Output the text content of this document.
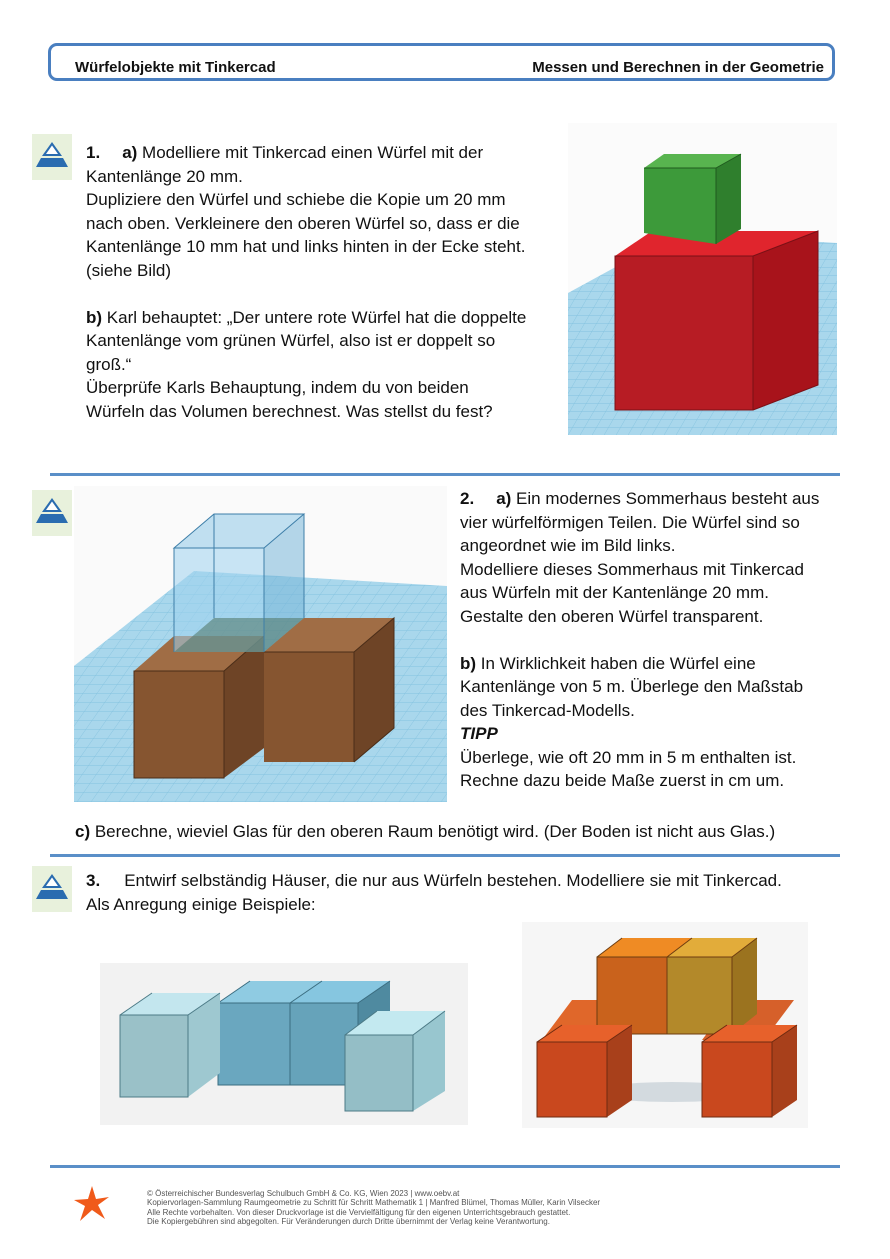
Würfelobjekte mit Tinkercad	Messen und Berechnen in der Geometrie

1. a) Modelliere mit Tinkercad einen Würfel mit der

Kantenlänge 20 mm.

Dupliziere den Würfel und schiebe die Kopie um 20 mm

nach oben. Verkleinere den oberen Würfel so, dass er die

Kantenlänge 10 mm hat und links hinten in der Ecke steht.

(siehe Bild)

b) Karl behauptet: „Der untere rote Würfel hat die doppelte

Kantenlänge vom grünen Würfel, also ist er doppelt so

groß.“

Überprüfe Karls Behauptung, indem du von beiden

Würfeln das Volumen berechnest. Was stellst du fest?

2. a) Ein modernes Sommerhaus besteht aus

vier würfelförmigen Teilen. Die Würfel sind so

angeordnet wie im Bild links.

Modelliere dieses Sommerhaus mit Tinkercad

aus Würfeln mit der Kantenlänge 20 mm.

Gestalte den oberen Würfel transparent.

b) In Wirklichkeit haben die Würfel eine

Kantenlänge von 5 m. Überlege den Maßstab

des Tinkercad-Modells.

TIPP

Überlege, wie oft 20 mm in 5 m enthalten ist.

Rechne dazu beide Maße zuerst in cm um.

c) Berechne, wieviel Glas für den oberen Raum benötigt wird. (Der Boden ist nicht aus Glas.)

3. Entwirf selbständig Häuser, die nur aus Würfeln bestehen. Modelliere sie mit Tinkercad.

Als Anregung einige Beispiele:

© Österreichischer Bundesverlag Schulbuch GmbH & Co. KG, Wien 2023 | www.oebv.at
Kopiervorlagen-Sammlung Raumgeometrie zu Schritt für Schritt Mathematik 1 | Manfred Blümel, Thomas Müller, Karin Vilsecker
Alle Rechte vorbehalten. Von dieser Druckvorlage ist die Vervielfältigung für den eigenen Unterrichtsgebrauch gestattet.
Die Kopiergebühren sind abgegolten. Für Veränderungen durch Dritte übernimmt der Verlag keine Verantwortung.
